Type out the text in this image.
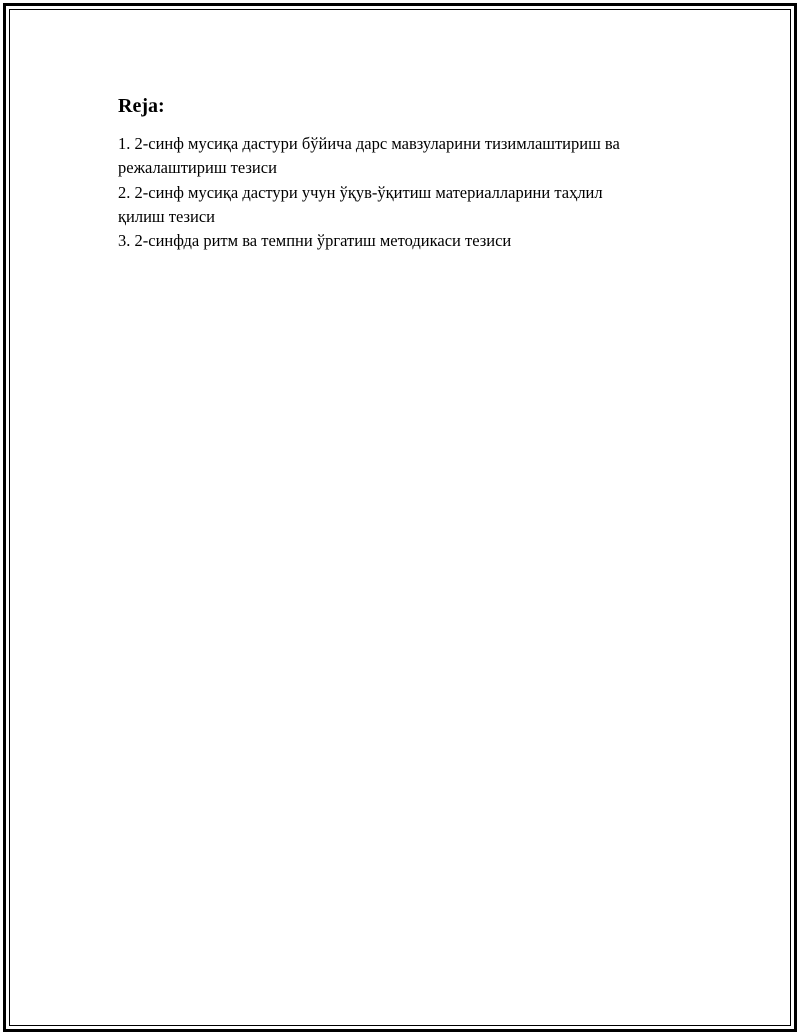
Reja:
1. 2-синф мусиқа дастури бўйича дарс мавзуларини тизимлаштириш ва
режалаштириш тезиси
2. 2-синф мусиқа дастури учун ўқув-ўқитиш материалларини таҳлил
қилиш тезиси
3. 2-синфда ритм ва темпни ўргатиш методикаси тезиси
